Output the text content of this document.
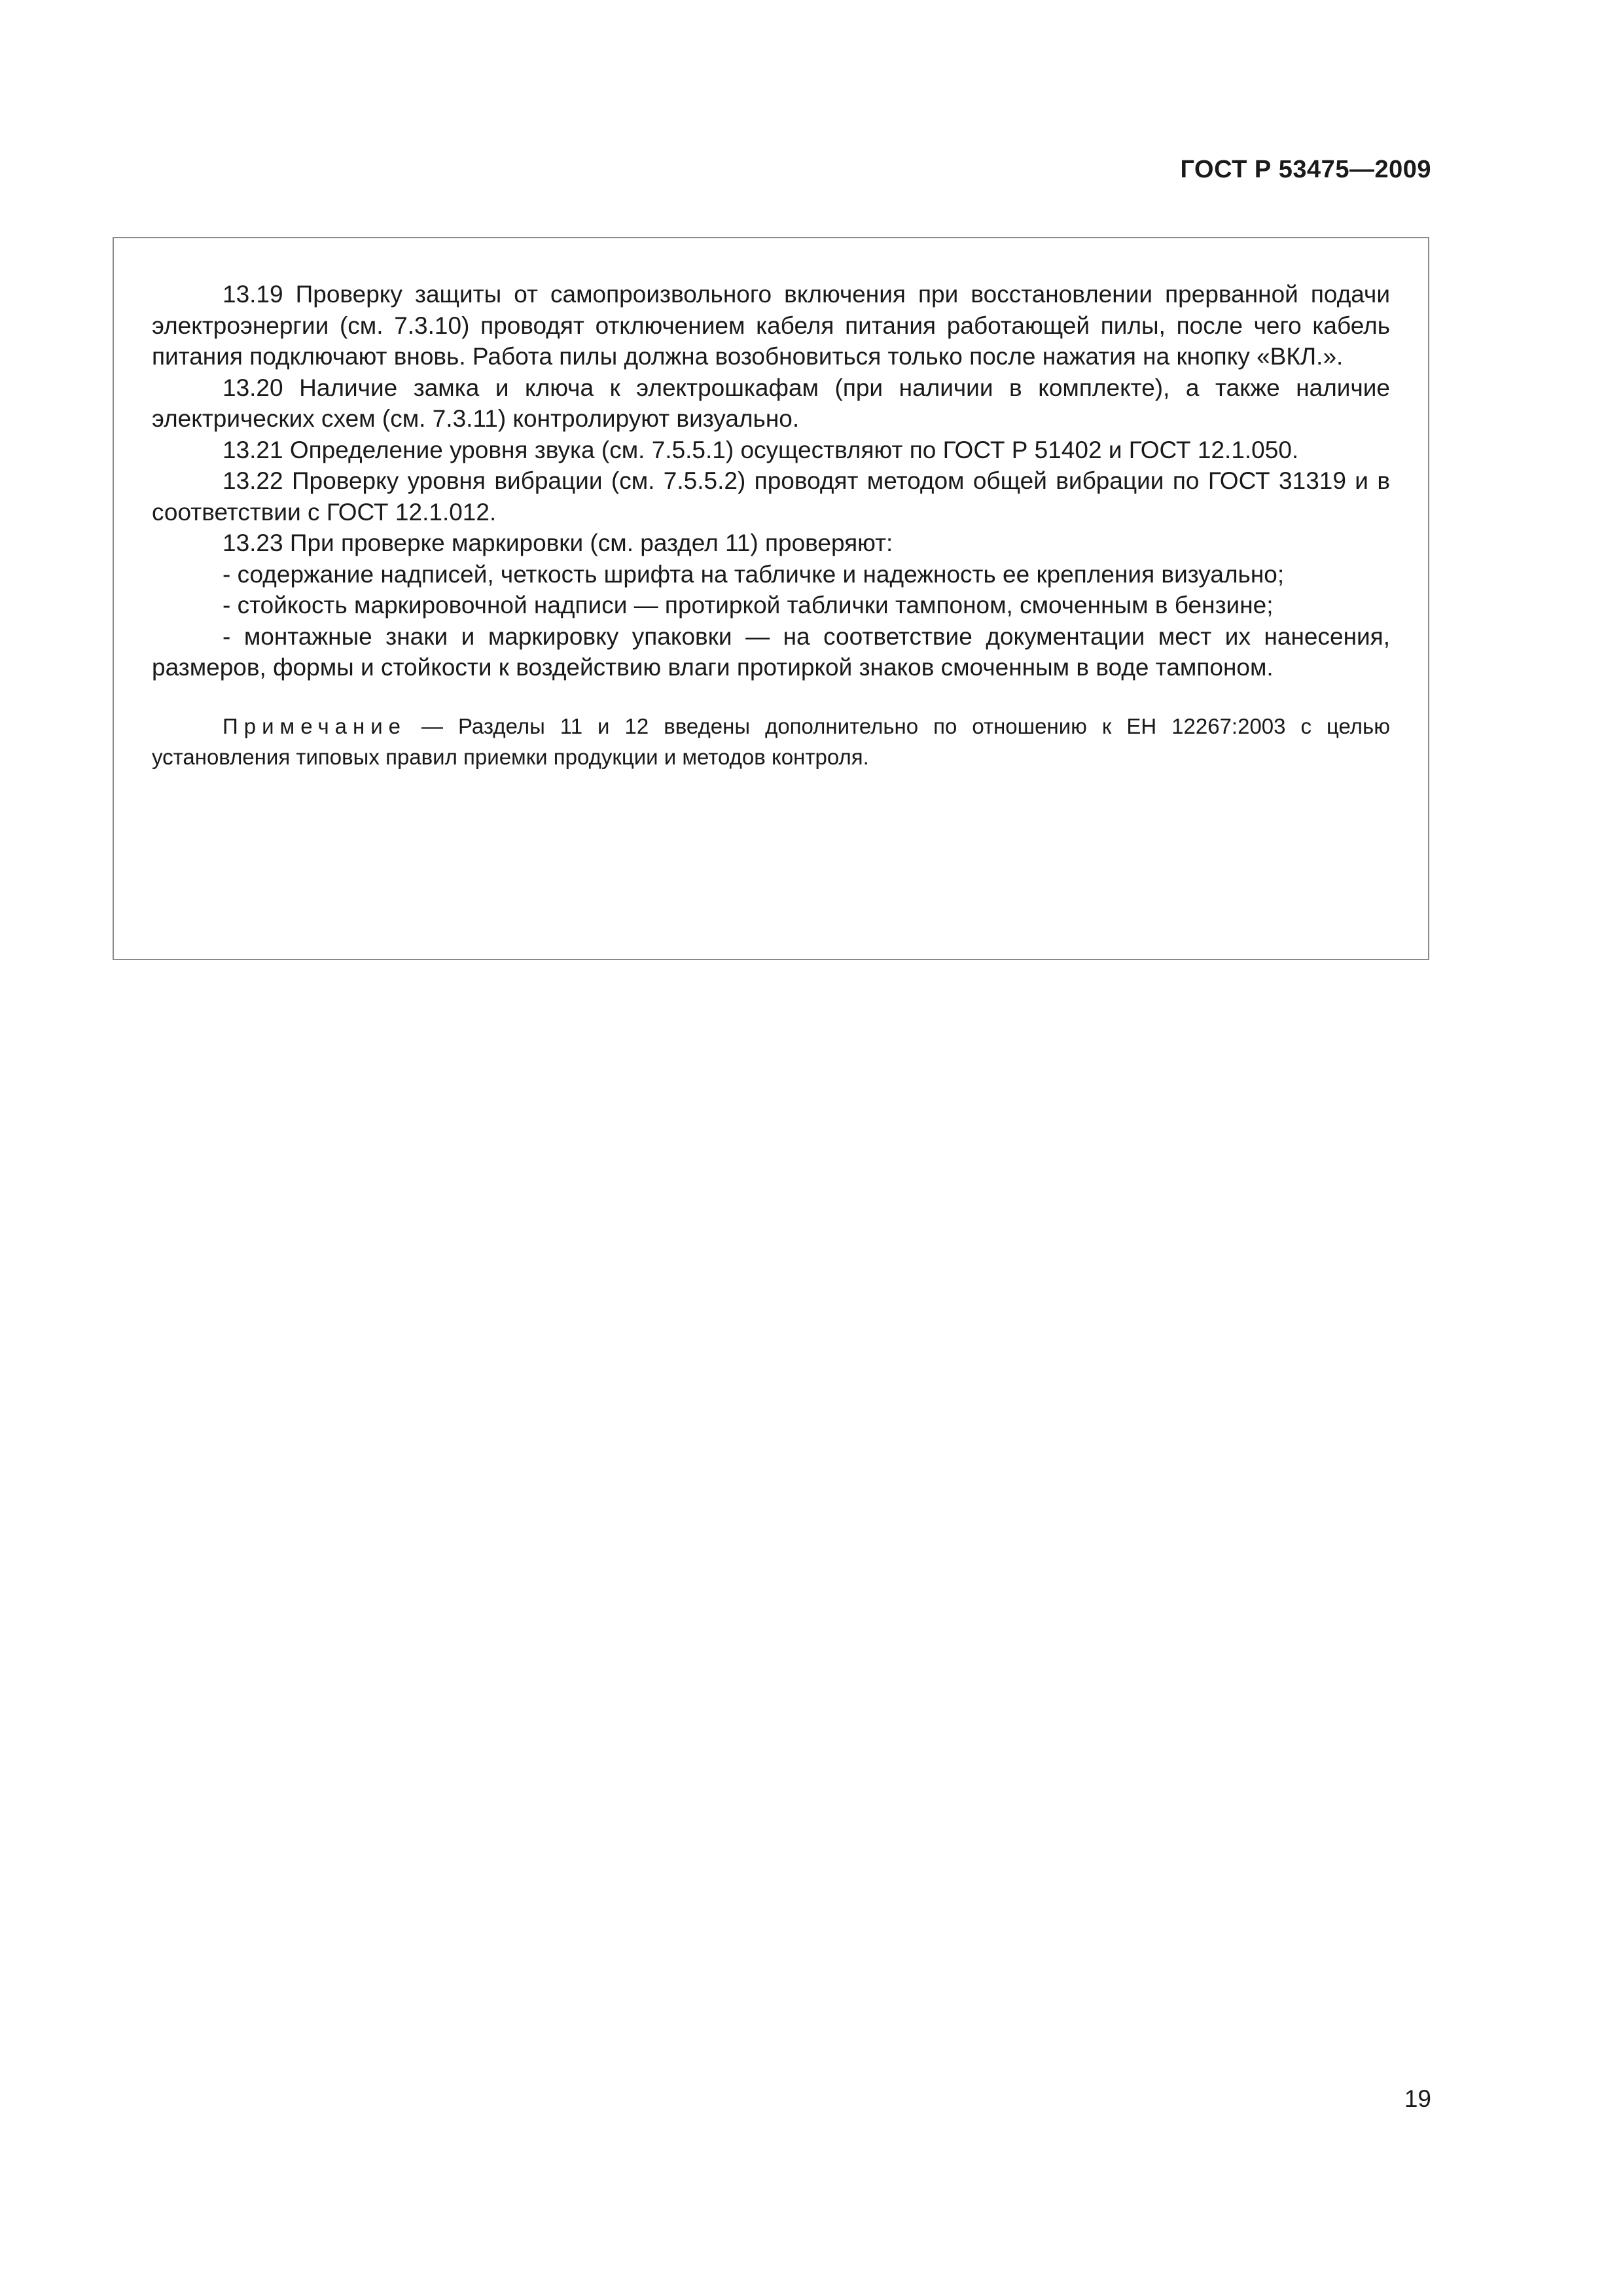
ГОСТ Р 53475—2009

13.19 Проверку защиты от самопроизвольного включения при восстановлении прерванной подачи электроэнергии (см. 7.3.10) проводят отключением кабеля питания работающей пилы, после чего кабель питания подключают вновь. Работа пилы должна возобновиться только после нажатия на кнопку «ВКЛ.».

13.20 Наличие замка и ключа к электрошкафам (при наличии в комплекте), а также наличие электрических схем (см. 7.3.11) контролируют визуально.

13.21 Определение уровня звука (см. 7.5.5.1) осуществляют по ГОСТ Р 51402 и ГОСТ 12.1.050.

13.22 Проверку уровня вибрации (см. 7.5.5.2) проводят методом общей вибрации по ГОСТ 31319 и в соответствии с ГОСТ 12.1.012.

13.23 При проверке маркировки (см. раздел 11) проверяют:

- содержание надписей, четкость шрифта на табличке и надежность ее крепления визуально;

- стойкость маркировочной надписи — протиркой таблички тампоном, смоченным в бензине;

- монтажные знаки и маркировку упаковки — на соответствие документации мест их нанесения, размеров, формы и стойкости к воздействию влаги протиркой знаков смоченным в воде тампоном.

Примечание — Разделы 11 и 12 введены дополнительно по отношению к ЕН 12267:2003 с целью установления типовых правил приемки продукции и методов контроля.

19
